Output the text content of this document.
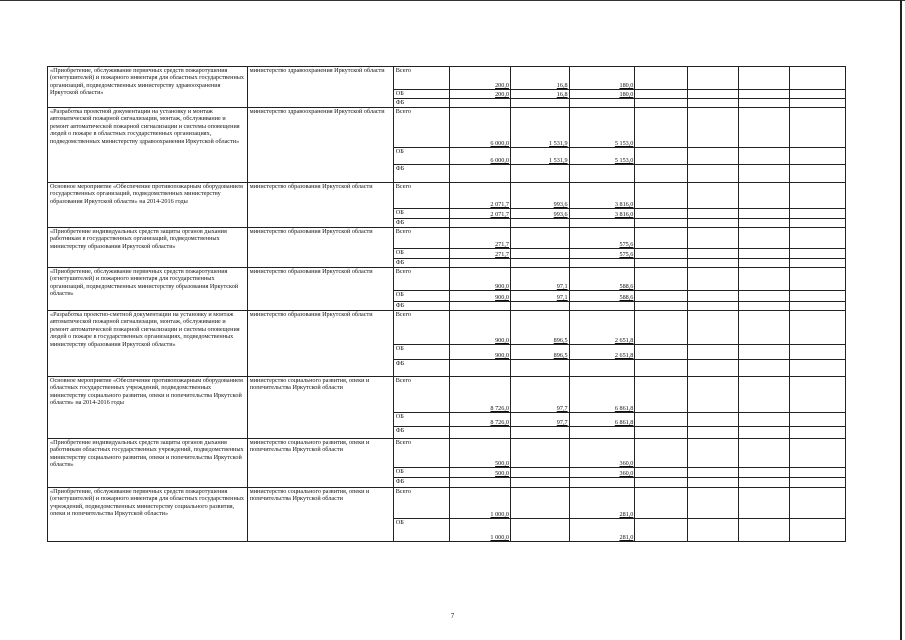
«Приобретение, обслуживание первичных средств пожаротушения (огнетушителей) и пожарного инвентаря для областных государственных организаций, подведомственных министерству здравоохранения Иркутской области»	министерство здравоохранения Иркутской области	Всего	200,0	16,8	180,0				
		ОБ	200,0	16,8	180,0				
		ФБ							
«Разработка проектной документации на установку и монтаж автоматической пожарной сигнализации, монтаж, обслуживание и ремонт автоматической пожарной сигнализации и системы оповещения людей о пожаре в областных государственных организациях, подведомственных министерству здравоохранения Иркутской области»	министерство здравоохранения Иркутской области	Всего	6 000,0	1 531,9	5 153,0				
		ОБ	6 000,0	1 531,9	5 153,0				
		ФБ							
Основное мероприятие «Обеспечение противопожарным оборудованием государственных организаций, подведомственных министерству образования Иркутской области» на 2014-2016 годы	министерство образования Иркутской области	Всего	2 071,7	993,6	3 816,0				
		ОБ	2 071,7	993,6	3 816,0				
		ФБ							
«Приобретение индивидуальных средств защиты органов дыхания работникам в государственных организаций, подведомственных министерству образования Иркутской области»	министерство образования Иркутской области	Всего	271,7		575,6				
		ОБ	271,7		575,6				
		ФБ							
«Приобретение, обслуживание первичных средств пожаротушения (огнетушителей) и пожарного инвентаря для государственных организаций, подведомственных министерству образования Иркутской области»	министерство образования Иркутской области	Всего	900,0	97,1	588,6				
		ОБ	900,0	97,1	588,6				
		ФБ							
«Разработка проектно-сметной документации на установку и монтаж автоматической пожарной сигнализации, монтаж, обслуживание и ремонт автоматической пожарной сигнализации и системы оповещения людей о пожаре в государственных организациях, подведомственных министерству образования Иркутской области»	министерство образования Иркутской области	Всего	900,0	896,5	2 651,8				
		ОБ	900,0	896,5	2 651,8				
		ФБ							
Основное мероприятие «Обеспечение противопожарным оборудованием областных государственных учреждений, подведомственных министерству социального развития, опеки и попечительства Иркутской области» на 2014-2016 годы	министерство социального развития, опеки и попечительства Иркутской области	Всего	8 726,0	97,7	6 861,8				
		ОБ	8 726,0	97,7	6 861,8				
		ФБ							
«Приобретение индивидуальных средств защиты органов дыхания работникам областных государственных учреждений, подведомственных министерству социального развития, опеки и попечительства Иркутской области»	министерство социального развития, опеки и попечительства Иркутской области	Всего	500,0		360,0				
		ОБ	500,0		360,0				
		ФБ							
«Приобретение, обслуживание первичных средств пожаротушения (огнетушителей) и пожарного инвентаря для областных государственных учреждений, подведомственных министерству социального развития, опеки и попечительства Иркутской области»	министерство социального развития, опеки и попечительства Иркутской области	Всего	1 000,0		281,0				
		ОБ	1 000,0		281,0				
7
